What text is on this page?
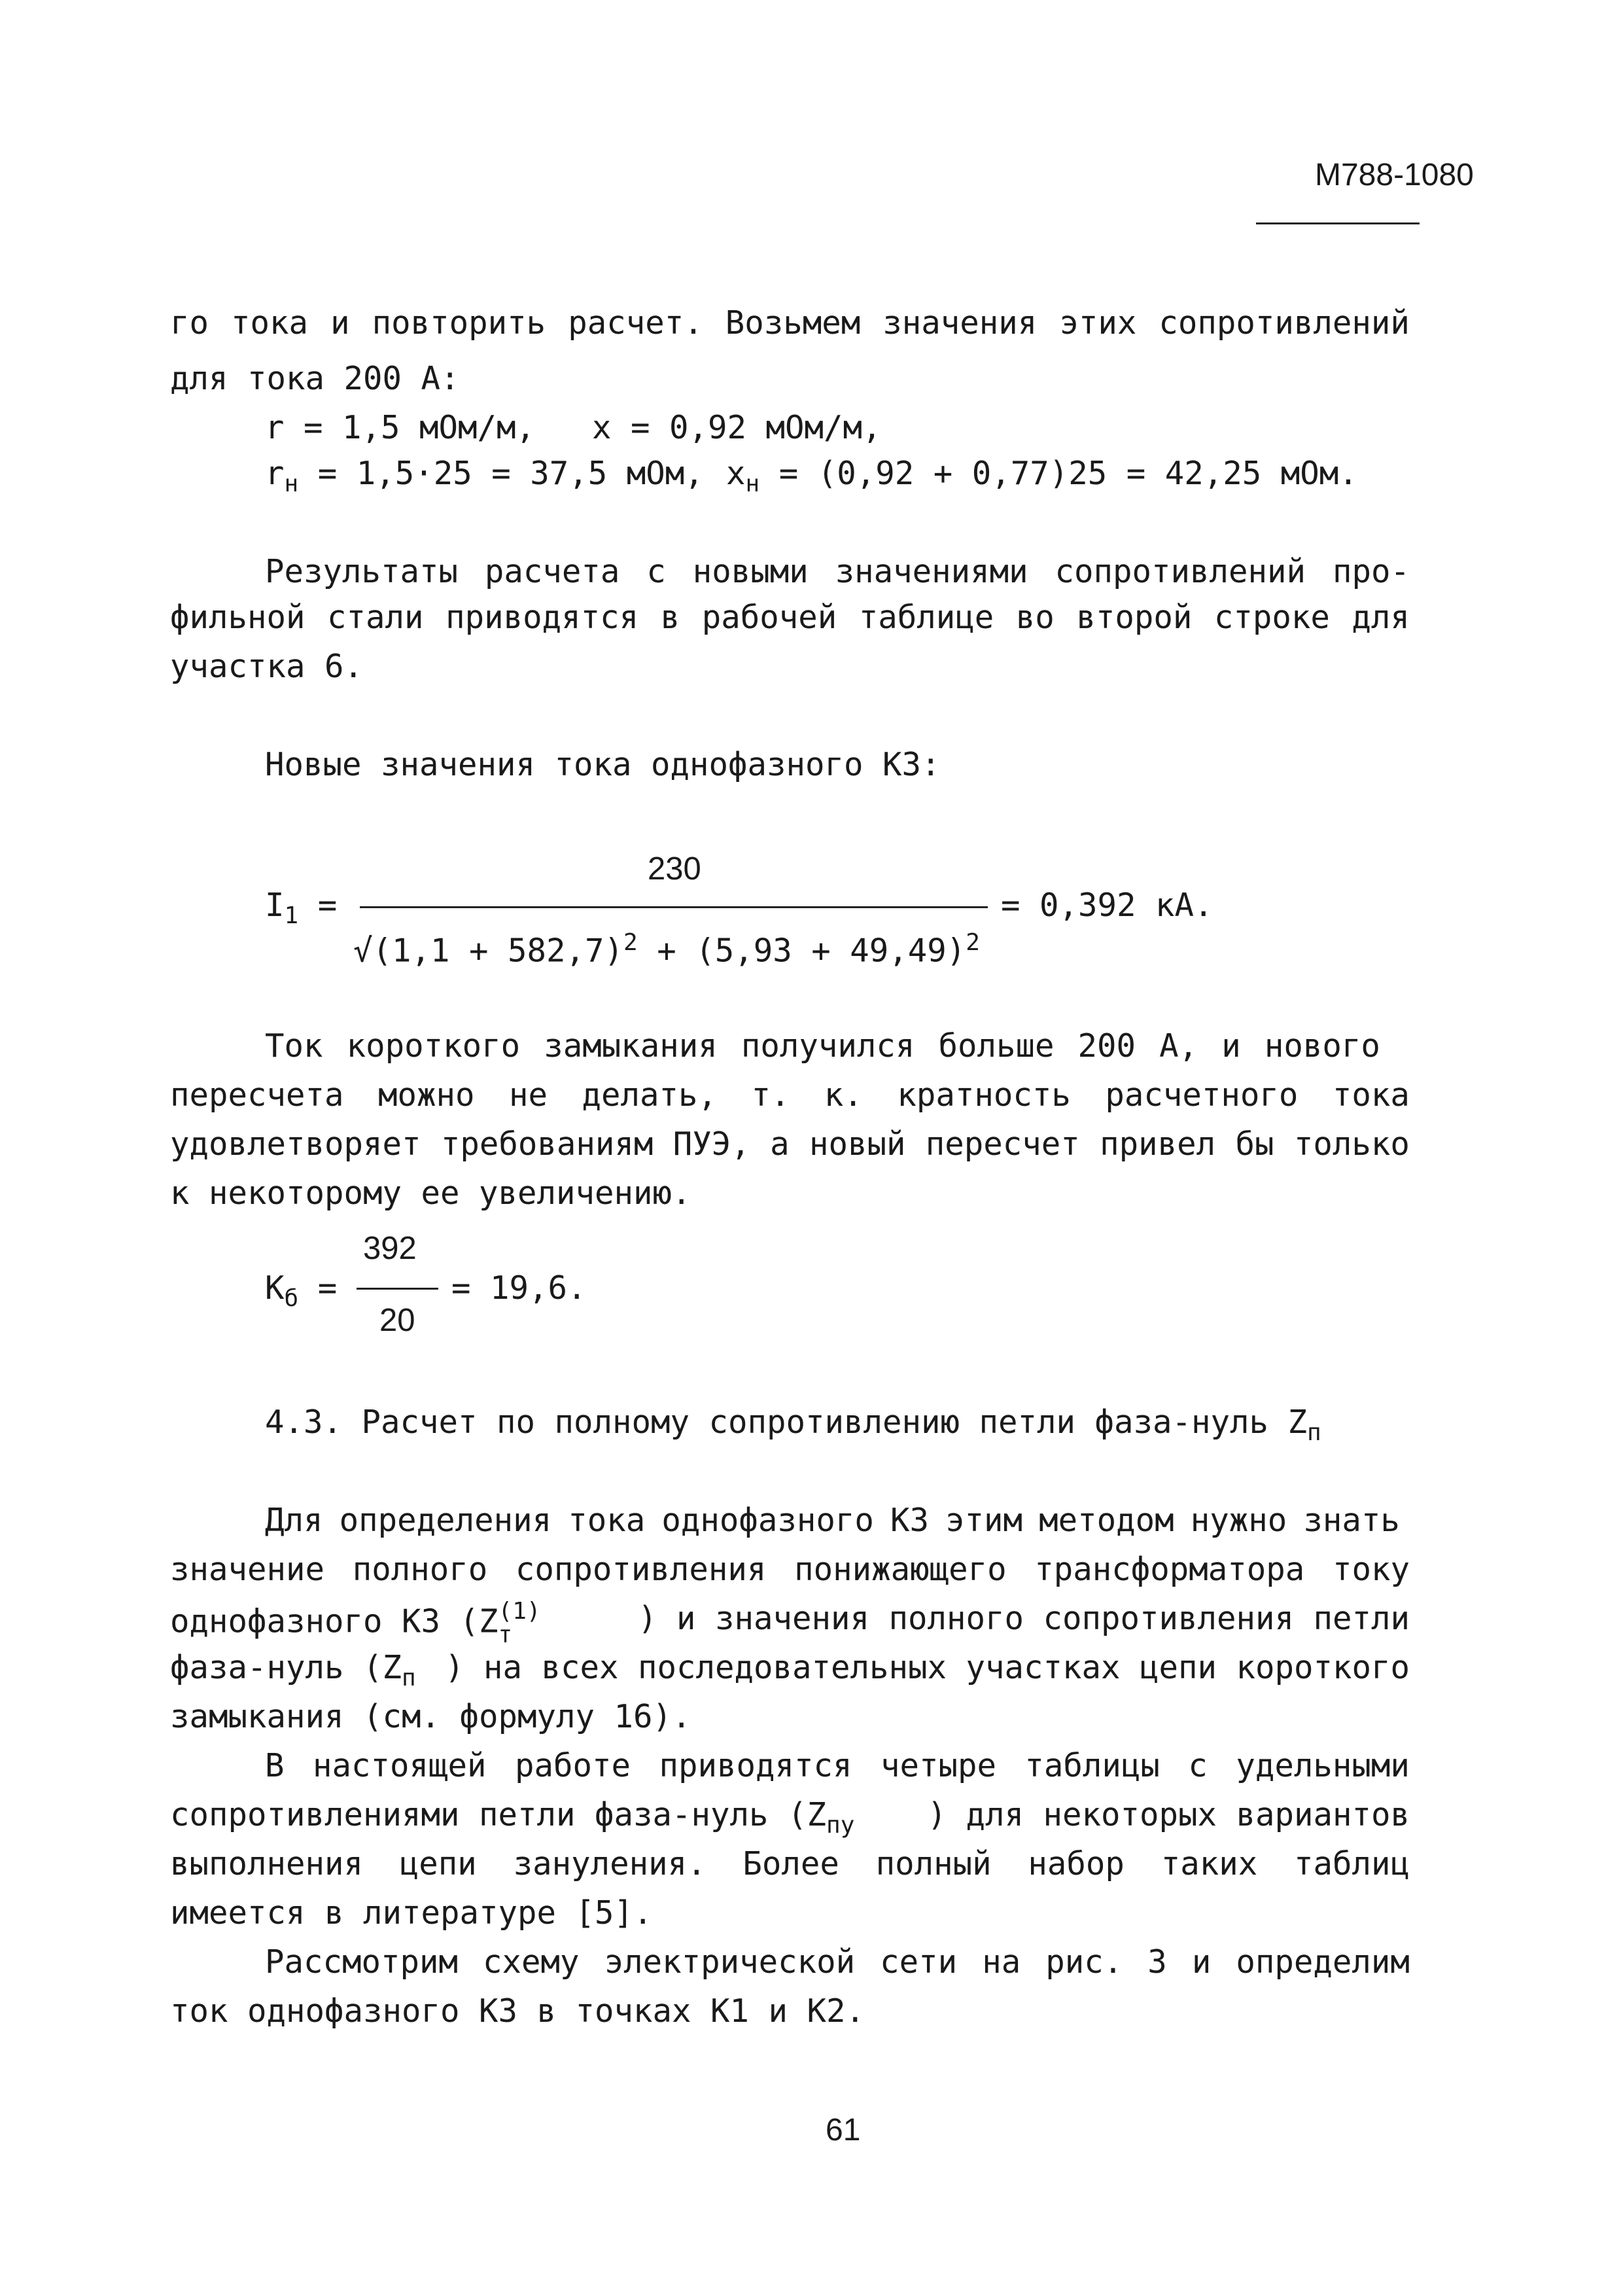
М788-1080
го тока и повторить расчет. Возьмем значения этих сопротивлений
для тока 200 А:
r = 1,5 мОм/м, x = 0,92 мОм/м,
$r_н = 1,5\cdot 25 = 37,5$ мОм, $x_н = (0,92 + 0,77)25 = 42,25$ мОм.
Результаты расчета с новыми значениями сопротивлений про-
фильной стали приводятся в рабочей таблице во второй строке для
участка 6.
Новые значения тока однофазного КЗ:
$I_1$ =
230
$√(1,1 + 582,7)^2 + (5,93 + 49,49)^2$
= 0,392 кА.
Ток короткого замыкания получился больше 200 А, и нового
пересчета можно не делать, т. к. кратность расчетного тока
удовлетворяет требованиям ПУЭ, а новый пересчет привел бы только
к некоторому ее увеличению.
392
$К_б$ =
20
= 19,6.
4.3. Расчет по полному сопротивлению петли фаза-нуль $Z_п$
Для определения тока однофазного КЗ этим методом нужно знать
значение полного сопротивления понижающего трансформатора току
однофазного КЗ (Z (1)
т	) и значения полного сопротивления петли
фаза-нуль ($Z_п$ ) на всех последовательных участках цепи короткого
замыкания (см. формулу 16).
В настоящей работе приводятся четыре таблицы с удельными
сопротивлениями петли фаза-нуль ($Z_{пу}$ ) для некоторых вариантов
выполнения цепи зануления. Более полный набор таких таблиц
имеется в литературе [5].
Рассмотрим схему электрической сети на рис. 3 и определим
ток однофазного КЗ в точках К1 и К2.
61
